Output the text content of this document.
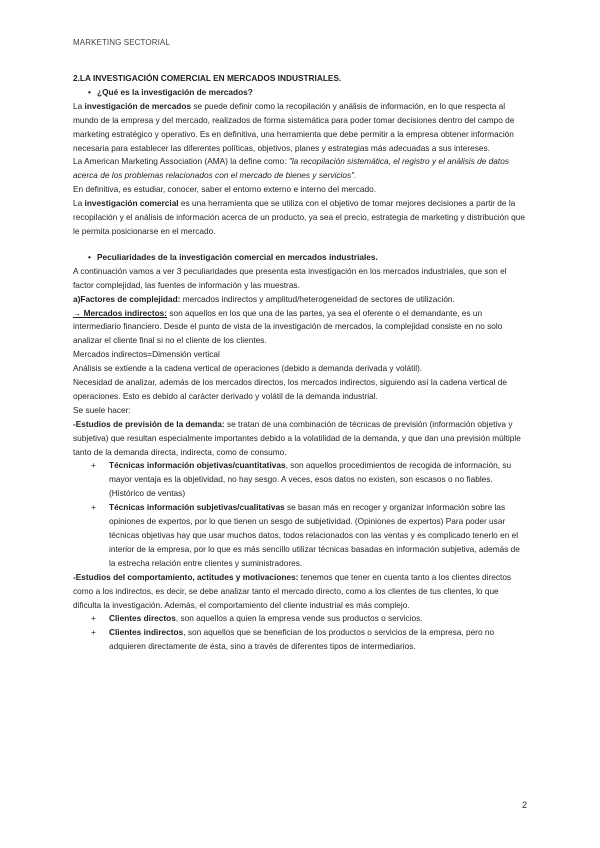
MARKETING SECTORIAL

2.LA INVESTIGACIÓN COMERCIAL EN MERCADOS INDUSTRIALES.

• ¿Qué es la investigación de mercados?

La investigación de mercados se puede definir como la recopilación y análisis de información, en lo que respecta al mundo de la empresa y del mercado, realizados de forma sistemática para poder tomar decisiones dentro del campo de marketing estratégico y operativo. Es en definitiva, una herramienta que debe permitir a la empresa obtener información necesaria para establecer las diferentes políticas, objetivos, planes y estrategias más adecuadas a sus intereses.

La American Marketing Association (AMA) la define como: "la recopilación sistemática, el registro y el análisis de datos acerca de los problemas relacionados con el mercado de bienes y servicios".

En definitiva, es estudiar, conocer, saber el entorno externo e interno del mercado.

La investigación comercial es una herramienta que se utiliza con el objetivo de tomar mejores decisiones a partir de la recopilación y el análisis de información acerca de un producto, ya sea el precio, estrategia de marketing y distribución que le permita posicionarse en el mercado.

• Peculiaridades de la investigación comercial en mercados industriales.

A continuación vamos a ver 3 peculiaridades que presenta esta investigación en los mercados industriales, que son el factor complejidad, las fuentes de información y las muestras.

a)Factores de complejidad: mercados indirectos y amplitud/heterogeneidad de sectores de utilización.

→ Mercados indirectos: son aquellos en los que una de las partes, ya sea el oferente o el demandante, es un intermediario financiero. Desde el punto de vista de la investigación de mercados, la complejidad consiste en no solo analizar el cliente final si no el cliente de los clientes.

Mercados indirectos=Dimensión vertical

Análisis se extiende a la cadena vertical de operaciones (debido a demanda derivada y volátil).

Necesidad de analizar, además de los mercados directos, los mercados indirectos, siguiendo así la cadena vertical de operaciones. Esto es debido al carácter derivado y volátil de la demanda industrial.

Se suele hacer:

-Estudios de previsión de la demanda: se tratan de una combinación de técnicas de previsión (información objetiva y subjetiva) que resultan especialmente importantes debido a la volatilidad de la demanda, y que dan una previsión múltiple tanto de la demanda directa, indirecta, como de consumo.

+ Técnicas información objetivas/cuantitativas, son aquellos procedimientos de recogida de información, su mayor ventaja es la objetividad, no hay sesgo. A veces, esos datos no existen, son escasos o no fiables. (Histórico de ventas)

+ Técnicas información subjetivas/cualitativas se basan más en recoger y organizar información sobre las opiniones de expertos, por lo que tienen un sesgo de subjetividad. (Opiniones de expertos) Para poder usar técnicas objetivas hay que usar muchos datos, todos relacionados con las ventas y es complicado tenerlo en el interior de la empresa, por lo que es más sencillo utilizar técnicas basadas en información subjetiva, además de la estrecha relación entre clientes y suministradores.

-Estudios del comportamiento, actitudes y motivaciones: tenemos que tener en cuenta tanto a los clientes directos como a los indirectos, es decir, se debe analizar tanto el mercado directo, como a los clientes de tus clientes, lo que dificulta la investigación. Además, el comportamiento del cliente industrial es más complejo.

+ Clientes directos, son aquellos a quien la empresa vende sus productos o servicios.

+ Clientes indirectos, son aquellos que se benefician de los productos o servicios de la empresa, pero no adquieren directamente de ésta, sino a través de diferentes tipos de intermediarios.

2
